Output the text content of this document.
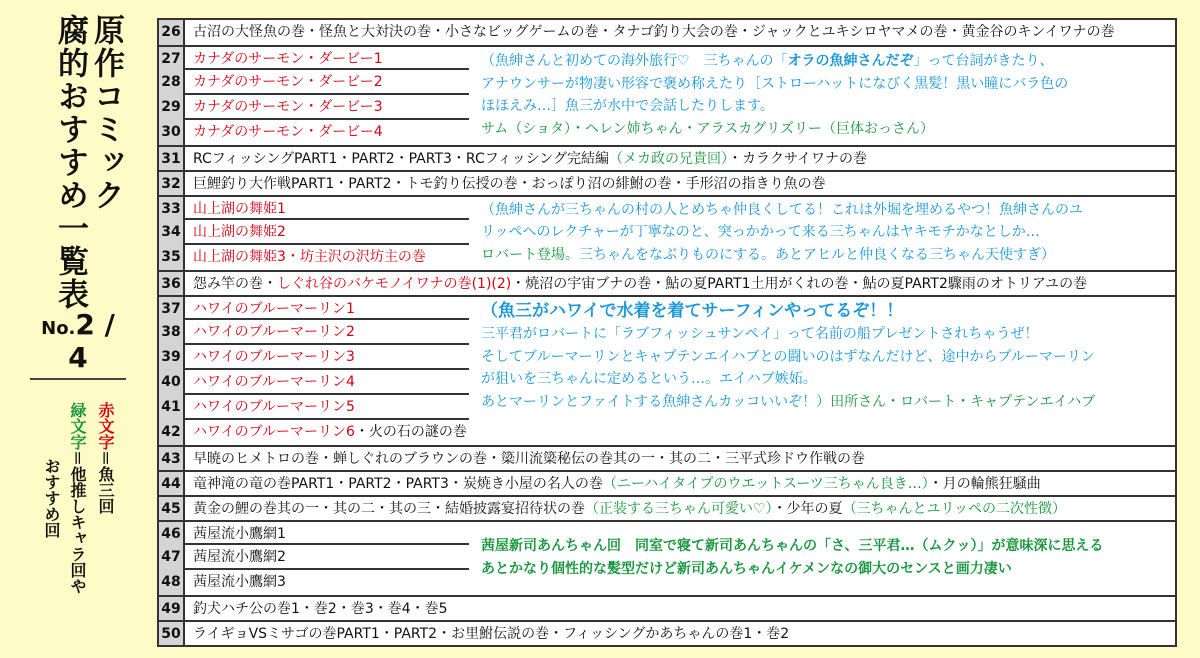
原作コミック
腐的おすすめ一覧表
No.2 / 4
赤文字＝魚三回
緑文字＝他推しキャラ回や
おすすめ回
26 古沼の大怪魚の巻・怪魚と大対決の巻・小さなビッグゲームの巻・タナゴ釣り大会の巻・ジャックとユキシロヤマメの巻・黄金谷のキンイワナの巻
27 カナダのサーモン・ダービー1
28 カナダのサーモン・ダービー2
29 カナダのサーモン・ダービー3
30 カナダのサーモン・ダービー4
31 RCフィッシングPART1・PART2・PART3・RCフィッシング完結編（メカ政の兄貴回）・カラクサイワナの巻
32 巨鯉釣り大作戦PART1・PART2・トモ釣り伝授の巻・おっぽり沼の緋鮒の巻・手形沼の指きり魚の巻
33 山上湖の舞姫1
34 山上湖の舞姫2
35 山上湖の舞姫3・坊主沢の沢坊主の巻
36 怨み竿の巻・しぐれ谷のバケモノイワナの巻(1)(2)・焼沼の宇宙ブナの巻・鮎の夏PART1土用がくれの巻・鮎の夏PART2驟雨のオトリアユの巻
37 ハワイのブルーマーリン1
38 ハワイのブルーマーリン2
39 ハワイのブルーマーリン3
40 ハワイのブルーマーリン4
41 ハワイのブルーマーリン5
42 ハワイのブルーマーリン6・火の石の謎の巻
43 早暁のヒメトロの巻・蝉しぐれのブラウンの巻・簗川流簗秘伝の巻其の一・其の二・三平式珍ドウ作戦の巻
44 竜神滝の竜の巻PART1・PART2・PART3・炭焼き小屋の名人の巻（ニーハイタイプのウエットスーツ三ちゃん良き…）・月の輪熊狂騒曲
45 黄金の鯉の巻其の一・其の二・其の三・結婚披露宴招待状の巻（正装する三ちゃん可愛い♡）・少年の夏（三ちゃんとユリッペの二次性徴）
46 茜屋流小鷹網1
47 茜屋流小鷹網2
48 茜屋流小鷹網3
49 釣犬ハチ公の巻1・巻2・巻3・巻4・巻5
50 ライギョVSミサゴの巻PART1・PART2・お里鮒伝説の巻・フィッシングかあちゃんの巻1・巻2
（魚紳さんと初めての海外旅行♡　三ちゃんの「オラの魚紳さんだぞ」って台詞がきたり、
アナウンサーが物凄い形容で褒め称えたり［ストローハットになびく黒髪！黒い瞳にバラ色の
ほほえみ…］魚三が水中で会話したりします。
サム（ショタ）・ヘレン姉ちゃん・アラスカグリズリー（巨体おっさん）
（魚紳さんが三ちゃんの村の人とめちゃ仲良くしてる！これは外堀を埋めるやつ！魚紳さんのユ
リッペへのレクチャーが丁寧なのと、突っかかって来る三ちゃんはヤキモチかなとしか…
ロバート登場。三ちゃんをなぶりものにする。あとアヒルと仲良くなる三ちゃん天使すぎ）
（魚三がハワイで水着を着てサーフィンやってるぞ！！
三平君がロバートに「ラブフィッシュサンペイ」って名前の船プレゼントされちゃうぜ！
そしてブルーマーリンとキャプテンエイハブとの闘いのはずなんだけど、途中からブルーマーリン
が狙いを三ちゃんに定めるという…。エイハブ嫉妬。
あとマーリンとファイトする魚紳さんカッコいいぞ！）田所さん・ロバート・キャプテンエイハブ
茜屋新司あんちゃん回　同室で寝て新司あんちゃんの「さ、三平君…（ムクッ）」が意味深に思える
あとかなり個性的な髪型だけど新司あんちゃんイケメンなの御大のセンスと画力凄い
